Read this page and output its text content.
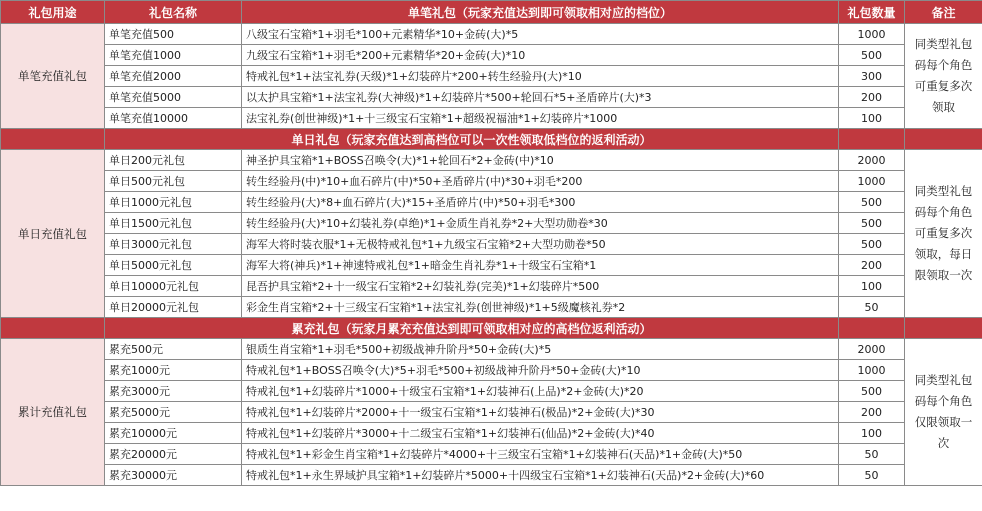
礼包用途	礼包名称	单笔礼包（玩家充值达到即可领取相对应的档位）	礼包数量	备注
单笔充值礼包	单笔充值500	八级宝石宝箱*1+羽毛*100+元素精华*10+金砖(大)*5	1000	同类型礼包码每个角色可重复多次领取
	单笔充值1000	九级宝石宝箱*1+羽毛*200+元素精华*20+金砖(大)*10	500	
	单笔充值2000	特戒礼包*1+法宝礼券(天级)*1+幻装碎片*200+转生经验丹(大)*10	300	
	单笔充值5000	以太护具宝箱*1+法宝礼券(大神级)*1+幻装碎片*500+轮回石*5+圣盾碎片(大)*3	200	
	单笔充值10000	法宝礼券(创世神级)*1+十三级宝石宝箱*1+超级祝福油*1+幻装碎片*1000	100	
	单日礼包（玩家充值达到高档位可以一次性领取低档位的返利活动）			
单日充值礼包	单日200元礼包	神圣护具宝箱*1+BOSS召唤令(大)*1+轮回石*2+金砖(中)*10	2000	同类型礼包码每个角色可重复多次领取，每日限领取一次
	单日500元礼包	转生经验丹(中)*10+血石碎片(中)*50+圣盾碎片(中)*30+羽毛*200	1000	
	单日1000元礼包	转生经验丹(大)*8+血石碎片(大)*15+圣盾碎片(中)*50+羽毛*300	500	
	单日1500元礼包	转生经验丹(大)*10+幻装礼券(卓绝)*1+金质生肖礼券*2+大型功勋卷*30	500	
	单日3000元礼包	海军大将时装衣服*1+无极特戒礼包*1+九级宝石宝箱*2+大型功勋卷*50	500	
	单日5000元礼包	海军大将(神兵)*1+神速特戒礼包*1+暗金生肖礼券*1+十级宝石宝箱*1	200	
	单日10000元礼包	昆吾护具宝箱*2+十一级宝石宝箱*2+幻装礼券(完美)*1+幻装碎片*500	100	
	单日20000元礼包	彩金生肖宝箱*2+十三级宝石宝箱*1+法宝礼券(创世神级)*1+5级魔核礼券*2	50	
	累充礼包（玩家月累充充值达到即可领取相对应的高档位返利活动）			
累计充值礼包	累充500元	银质生肖宝箱*1+羽毛*500+初级战神升阶丹*50+金砖(大)*5	2000	同类型礼包码每个角色仅限领取一次
	累充1000元	特戒礼包*1+BOSS召唤令(大)*5+羽毛*500+初级战神升阶丹*50+金砖(大)*10	1000	
	累充3000元	特戒礼包*1+幻装碎片*1000+十级宝石宝箱*1+幻装神石(上品)*2+金砖(大)*20	500	
	累充5000元	特戒礼包*1+幻装碎片*2000+十一级宝石宝箱*1+幻装神石(极品)*2+金砖(大)*30	200	
	累充10000元	特戒礼包*1+幻装碎片*3000+十二级宝石宝箱*1+幻装神石(仙品)*2+金砖(大)*40	100	
	累充20000元	特戒礼包*1+彩金生肖宝箱*1+幻装碎片*4000+十三级宝石宝箱*1+幻装神石(天品)*1+金砖(大)*50	50	
	累充30000元	特戒礼包*1+永生界域护具宝箱*1+幻装碎片*5000+十四级宝石宝箱*1+幻装神石(天品)*2+金砖(大)*60	50	
